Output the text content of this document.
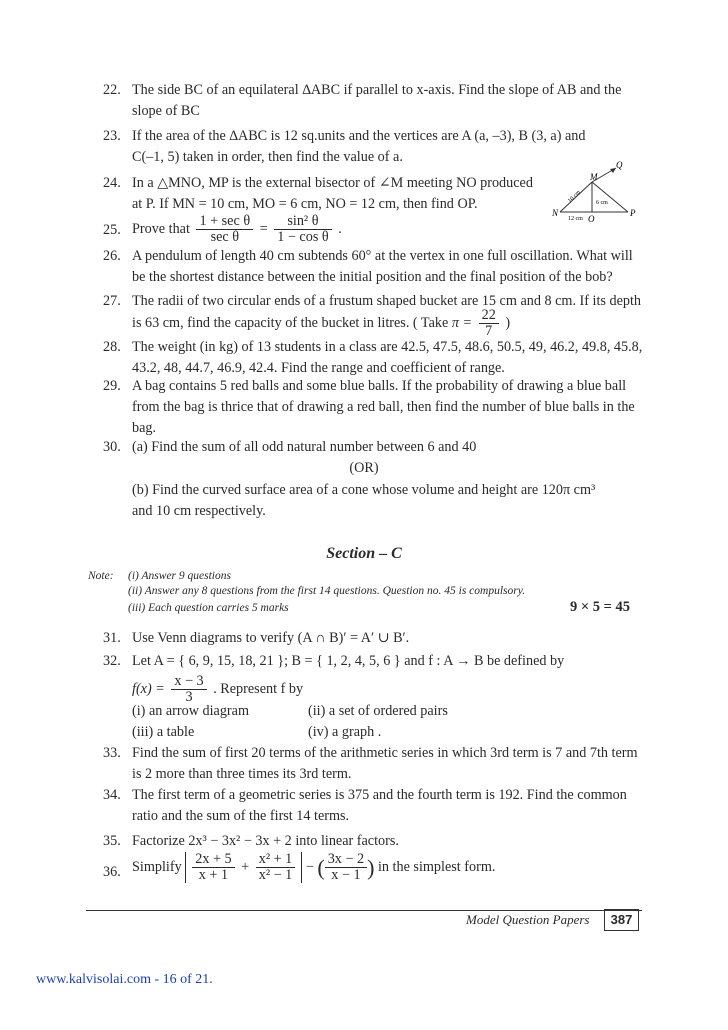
22. The side BC of an equilateral ∆ABC if parallel to x-axis. Find the slope of AB and the
slope of BC
23. If the area of the ∆ABC is 12 sq.units and the vertices are A (a, –3), B (3, a) and
C(–1, 5) taken in order, then find the value of a.
24. In a △MNO, MP is the external bisector of ∠M meeting NO produced
at P. If MN = 10 cm, MO = 6 cm, NO = 12 cm, then find OP.
Q
M
N
O
P
10 cm 6 cm
12 cm
25. Prove that $\frac{\text{1 + sec θ}}{\text{sec θ}} = \frac{\text{sin² θ}}{\text{1 − cos θ}}$ .
26. A pendulum of length 40 cm subtends 60° at the vertex in one full oscillation. What will
be the shortest distance between the initial position and the final position of the bob?
27. The radii of two circular ends of a frustum shaped bucket are 15 cm and 8 cm. If its depth
is 63 cm, find the capacity of the bucket in litres. ( Take $\pi = \frac{22}{7}$ )
28. The weight (in kg) of 13 students in a class are 42.5, 47.5, 48.6, 50.5, 49, 46.2, 49.8, 45.8,
43.2, 48, 44.7, 46.9, 42.4. Find the range and coefficient of range.
29. A bag contains 5 red balls and some blue balls. If the probability of drawing a blue ball
from the bag is thrice that of drawing a red ball, then find the number of blue balls in the
bag.
30. (a) Find the sum of all odd natural number between 6 and 40
(OR)
(b) Find the curved surface area of a cone whose volume and height are 120π cm³
and 10 cm respectively.
Section – C
Note: (i) Answer 9 questions
(ii) Answer any 8 questions from the first 14 questions. Question no. 45 is compulsory.
(iii) Each question carries 5 marks	9 × 5 = 45
31. Use Venn diagrams to verify (A ∩ B)′ = A′ ∪ B′.
32. Let A = { 6, 9, 15, 18, 21 }; B = { 1, 2, 4, 5, 6 } and f : A → B be defined by
$f(x) = \frac{x - 3}{3}$ . Represent f by
(i) an arrow diagram	(ii) a set of ordered pairs
(iii) a table	(iv) a graph .
33. Find the sum of first 20 terms of the arithmetic series in which 3rd term is 7 and 7th term
is 2 more than three times its 3rd term.
34. The first term of a geometric series is 375 and the fourth term is 192. Find the common
ratio and the sum of the first 14 terms.
35. Factorize 2x³ − 3x² − 3x + 2 into linear factors.
36. Simplify $\frac{2x + 5}{x + 1} + \frac{\text{x² + 1}}{\text{x² − 1}}$ − ( $\frac{3x - 2}{x - 1}$ ) in the simplest form.
Model Question Papers	387
www.kalvisolai.com - 16 of 21.
